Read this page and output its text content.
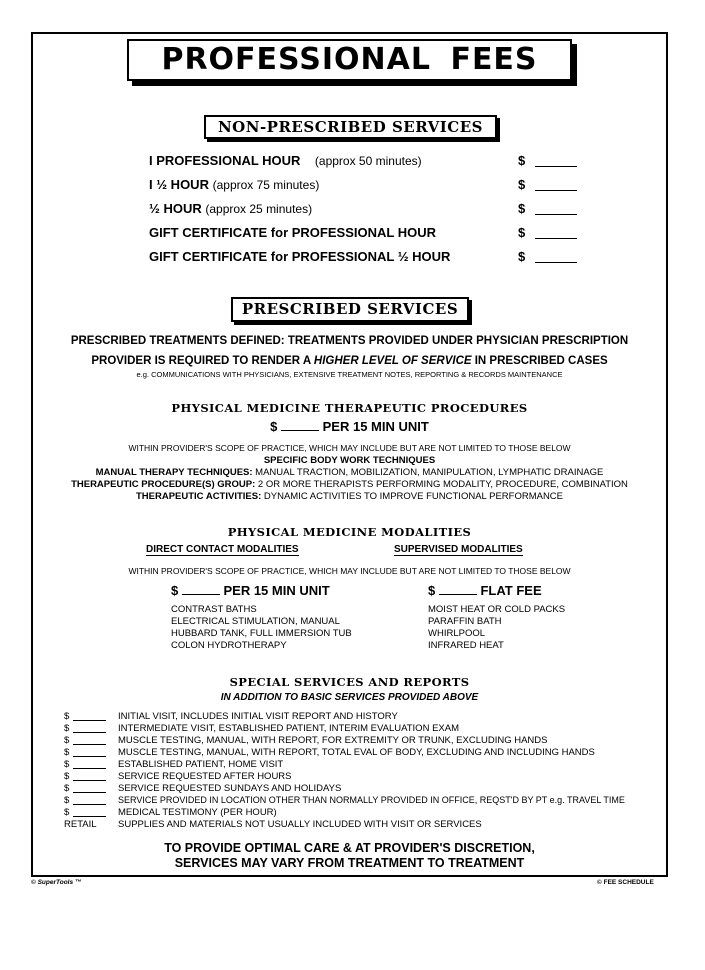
PROFESSIONAL FEES
NON-PRESCRIBED SERVICES
I PROFESSIONAL HOUR (approx 50 minutes)	$
I ½ HOUR (approx 75 minutes)	$
½ HOUR (approx 25 minutes)	$
GIFT CERTIFICATE for PROFESSIONAL HOUR	$
GIFT CERTIFICATE for PROFESSIONAL ½ HOUR	$
PRESCRIBED SERVICES
PRESCRIBED TREATMENTS DEFINED: TREATMENTS PROVIDED UNDER PHYSICIAN PRESCRIPTION
PROVIDER IS REQUIRED TO RENDER A HIGHER LEVEL OF SERVICE IN PRESCRIBED CASES
e.g. COMMUNICATIONS WITH PHYSICIANS, EXTENSIVE TREATMENT NOTES, REPORTING & RECORDS MAINTENANCE
PHYSICAL MEDICINE THERAPEUTIC PROCEDURES
$	PER 15 MIN UNIT
WITHIN PROVIDER'S SCOPE OF PRACTICE, WHICH MAY INCLUDE BUT ARE NOT LIMITED TO THOSE BELOW
SPECIFIC BODY WORK TECHNIQUES
MANUAL THERAPY TECHNIQUES: MANUAL TRACTION, MOBILIZATION, MANIPULATION, LYMPHATIC DRAINAGE
THERAPEUTIC PROCEDURE(S) GROUP: 2 OR MORE THERAPISTS PERFORMING MODALITY, PROCEDURE, COMBINATION
THERAPEUTIC ACTIVITIES: DYNAMIC ACTIVITIES TO IMPROVE FUNCTIONAL PERFORMANCE
PHYSICAL MEDICINE MODALITIES
DIRECT CONTACT MODALITIES	SUPERVISED MODALITIES
WITHIN PROVIDER'S SCOPE OF PRACTICE, WHICH MAY INCLUDE BUT ARE NOT LIMITED TO THOSE BELOW
$	PER 15 MIN UNIT	$	FLAT FEE
CONTRAST BATHS
ELECTRICAL STIMULATION, MANUAL
HUBBARD TANK, FULL IMMERSION TUB
COLON HYDROTHERAPY
MOIST HEAT OR COLD PACKS
PARAFFIN BATH
WHIRLPOOL
INFRARED HEAT
SPECIAL SERVICES AND REPORTS
IN ADDITION TO BASIC SERVICES PROVIDED ABOVE
$	INITIAL VISIT, INCLUDES INITIAL VISIT REPORT AND HISTORY
$	INTERMEDIATE VISIT, ESTABLISHED PATIENT, INTERIM EVALUATION EXAM
$	MUSCLE TESTING, MANUAL, WITH REPORT, FOR EXTREMITY OR TRUNK, EXCLUDING HANDS
$	MUSCLE TESTING, MANUAL, WITH REPORT, TOTAL EVAL OF BODY, EXCLUDING AND INCLUDING HANDS
$	ESTABLISHED PATIENT, HOME VISIT
$	SERVICE REQUESTED AFTER HOURS
$	SERVICE REQUESTED SUNDAYS AND HOLIDAYS
$	SERVICE PROVIDED IN LOCATION OTHER THAN NORMALLY PROVIDED IN OFFICE, REQST'D BY PT e.g. TRAVEL TIME
$	MEDICAL TESTIMONY (PER HOUR)
RETAIL SUPPLIES AND MATERIALS NOT USUALLY INCLUDED WITH VISIT OR SERVICES
TO PROVIDE OPTIMAL CARE & AT PROVIDER'S DISCRETION,
SERVICES MAY VARY FROM TREATMENT TO TREATMENT
© SuperTools ™	© FEE SCHEDULE
